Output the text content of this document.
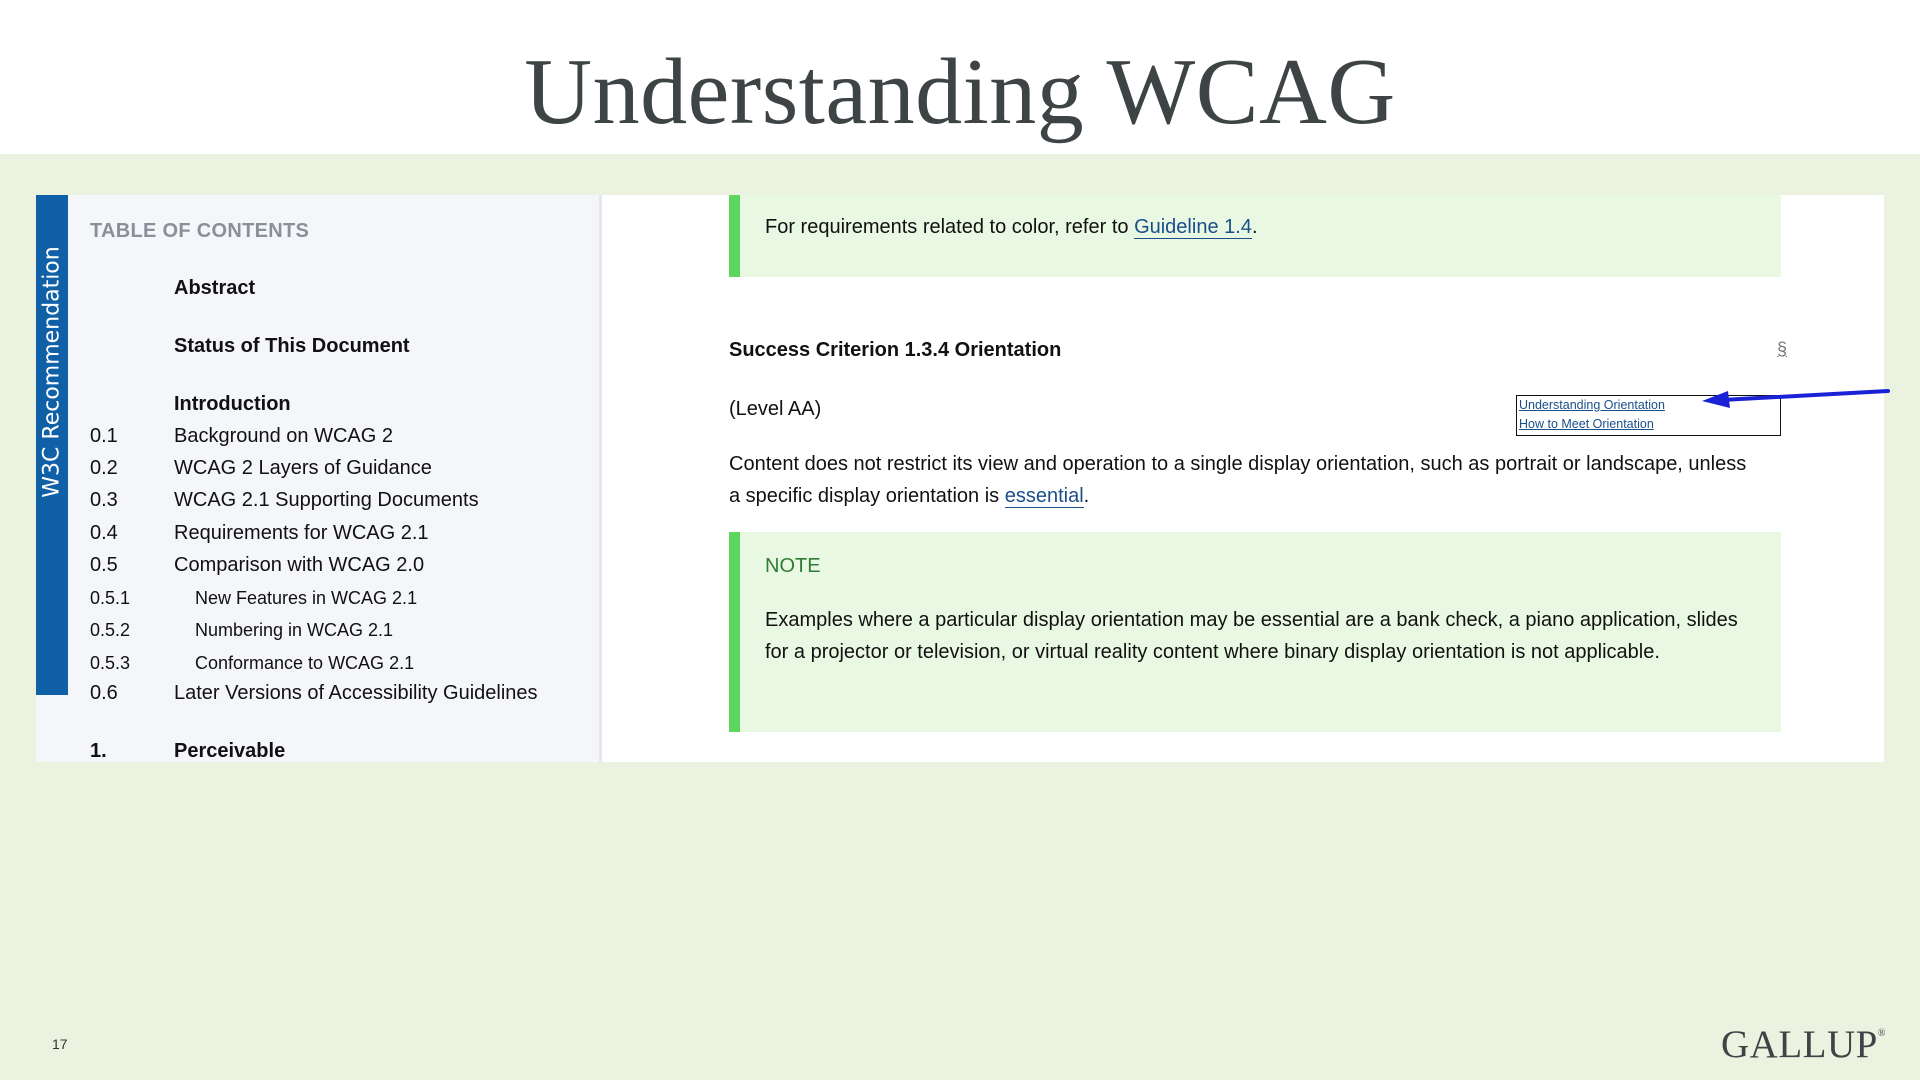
Understanding WCAG
W3C Recommendation
TABLE OF CONTENTS
Abstract
Status of This Document
Introduction
0.1	Background on WCAG 2
0.2	WCAG 2 Layers of Guidance
0.3	WCAG 2.1 Supporting Documents
0.4	Requirements for WCAG 2.1
0.5	Comparison with WCAG 2.0
0.5.1	New Features in WCAG 2.1
0.5.2	Numbering in WCAG 2.1
0.5.3	Conformance to WCAG 2.1
0.6	Later Versions of Accessibility Guidelines
1.	Perceivable
For requirements related to color, refer to Guideline 1.4.
Success Criterion 1.3.4 Orientation	§
(Level AA)	Understanding Orientation
How to Meet Orientation
Content does not restrict its view and operation to a single display orientation, such as portrait or landscape, unless a specific display orientation is essential.
NOTE
Examples where a particular display orientation may be essential are a bank check, a piano application, slides for a projector or television, or virtual reality content where binary display orientation is not applicable.
17	GALLUP®
